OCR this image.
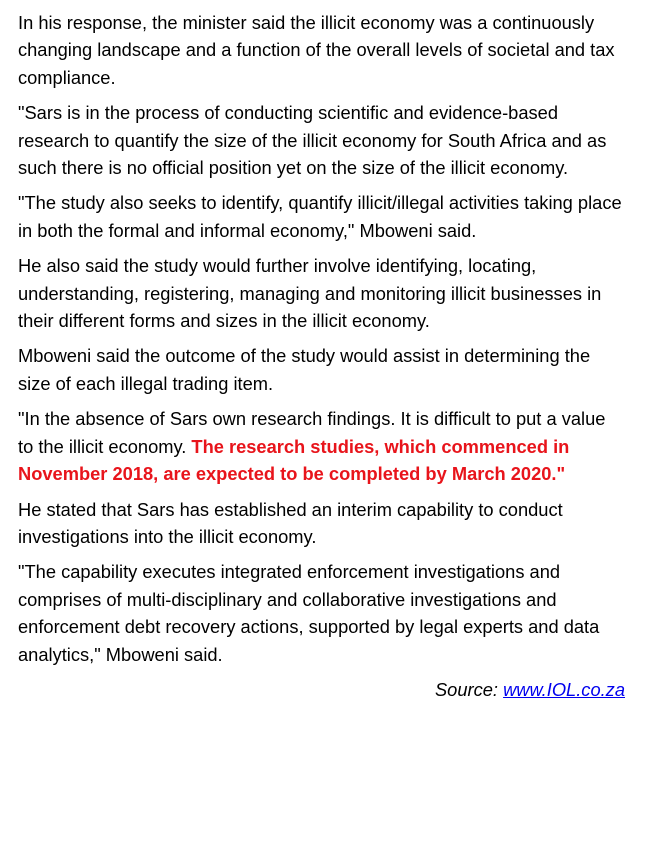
In his response, the minister said the illicit economy was a continuously changing landscape and a function of the overall levels of societal and tax compliance.

"Sars is in the process of conducting scientific and evidence-based research to quantify the size of the illicit economy for South Africa and as such there is no official position yet on the size of the illicit economy.

"The study also seeks to identify, quantify illicit/illegal activities taking place in both the formal and informal economy," Mboweni said.

He also said the study would further involve identifying, locating, understanding, registering, managing and monitoring illicit businesses in their different forms and sizes in the illicit economy.

Mboweni said the outcome of the study would assist in determining the size of each illegal trading item.

"In the absence of Sars own research findings. It is difficult to put a value to the illicit economy. The research studies, which commenced in November 2018, are expected to be completed by March 2020."

He stated that Sars has established an interim capability to conduct investigations into the illicit economy.

"The capability executes integrated enforcement investigations and comprises of multi-disciplinary and collaborative investigations and enforcement debt recovery actions, supported by legal experts and data analytics," Mboweni said.

Source: www.IOL.co.za
